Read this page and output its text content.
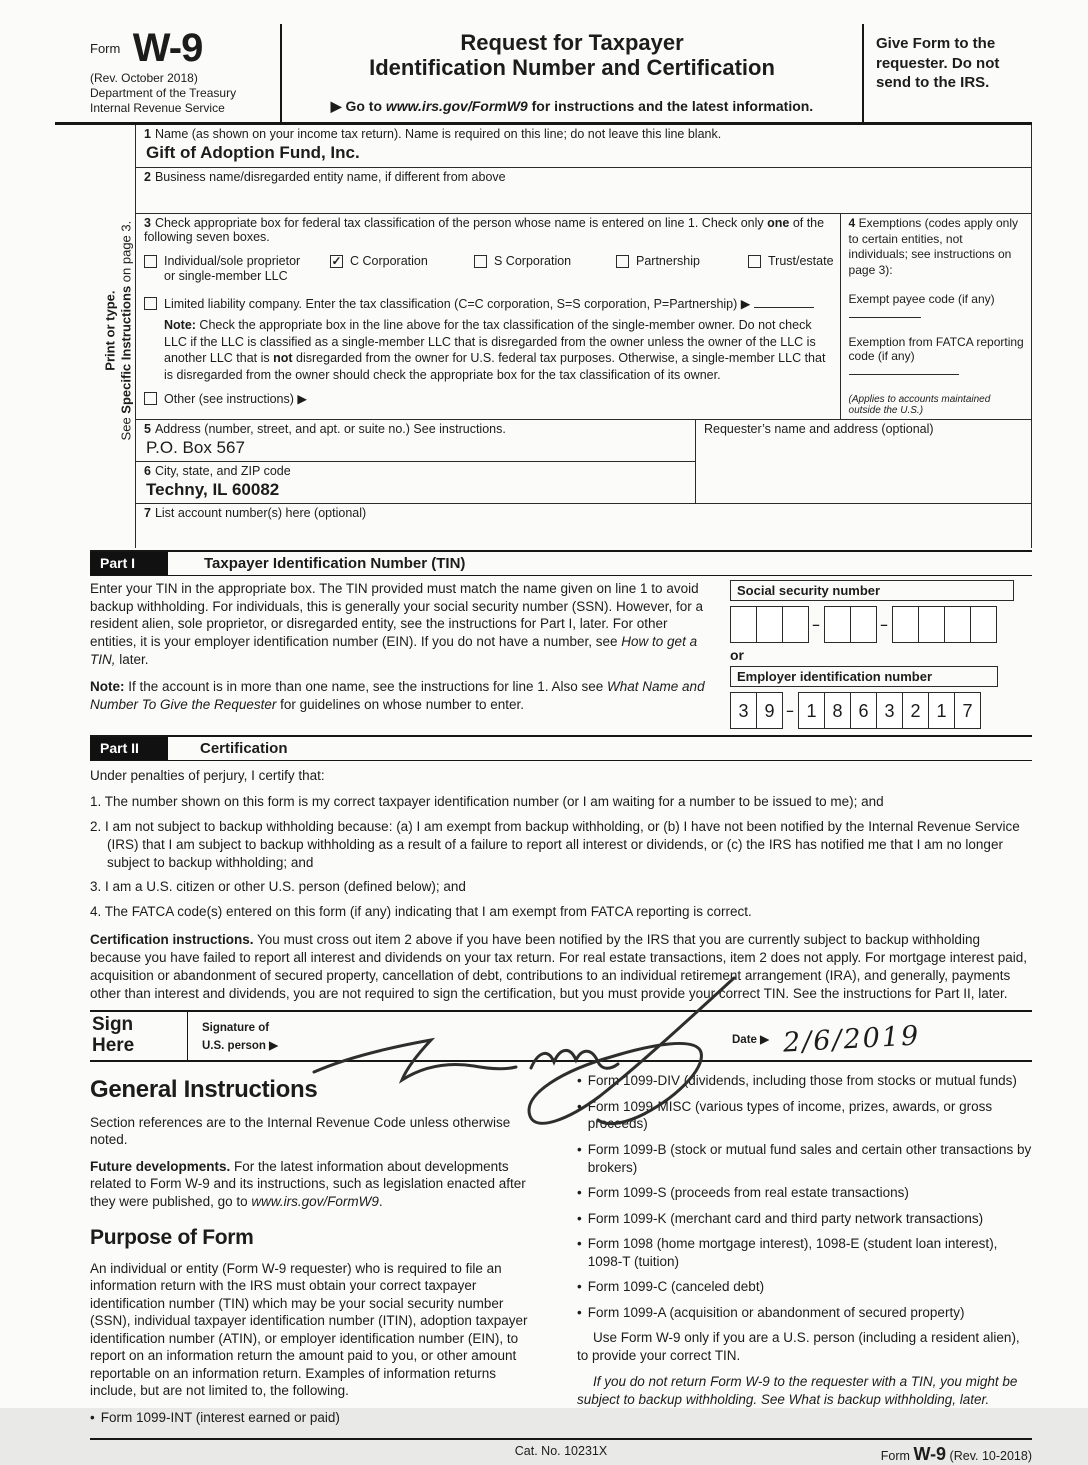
Print or type.
See Specific Instructions on page 3.
Form W-9
(Rev. October 2018)
Department of the Treasury
Internal Revenue Service
Request for Taxpayer
Identification Number and Certification
▶ Go to www.irs.gov/FormW9 for instructions and the latest information.
Give Form to the requester. Do not send to the IRS.
1 Name (as shown on your income tax return). Name is required on this line; do not leave this line blank.
Gift of Adoption Fund, Inc.
2 Business name/disregarded entity name, if different from above
3 Check appropriate box for federal tax classification of the person whose name is entered on line 1. Check only one of the following seven boxes.
Individual/sole proprietor or single-member LLC
✓ C Corporation	S Corporation	Partnership	Trust/estate
Limited liability company. Enter the tax classification (C=C corporation, S=S corporation, P=Partnership) ▶
Note: Check the appropriate box in the line above for the tax classification of the single-member owner. Do not check LLC if the LLC is classified as a single-member LLC that is disregarded from the owner unless the owner of the LLC is another LLC that is not disregarded from the owner for U.S. federal tax purposes. Otherwise, a single-member LLC that is disregarded from the owner should check the appropriate box for the tax classification of its owner.
Other (see instructions) ▶
4 Exemptions (codes apply only to certain entities, not individuals; see instructions on page 3):
Exempt payee code (if any)
Exemption from FATCA reporting code (if any)
(Applies to accounts maintained outside the U.S.)
5 Address (number, street, and apt. or suite no.) See instructions.
P.O. Box 567
6 City, state, and ZIP code
Techny, IL 60082
Requester’s name and address (optional)
7 List account number(s) here (optional)
Part I	Taxpayer Identification Number (TIN)

Enter your TIN in the appropriate box. The TIN provided must match the name given on line 1 to avoid backup withholding. For individuals, this is generally your social security number (SSN). However, for a resident alien, sole proprietor, or disregarded entity, see the instructions for Part I, later. For other entities, it is your employer identification number (EIN). If you do not have a number, see How to get a TIN, later.

Note: If the account is in more than one name, see the instructions for line 1. Also see What Name and Number To Give the Requester for guidelines on whose number to enter.

Social security number
–	–
or
Employer identification number
3 9 – 1 8 6 3 2 1 7
Part II	Certification
Under penalties of perjury, I certify that:
1. The number shown on this form is my correct taxpayer identification number (or I am waiting for a number to be issued to me); and
2. I am not subject to backup withholding because: (a) I am exempt from backup withholding, or (b) I have not been notified by the Internal Revenue Service (IRS) that I am subject to backup withholding as a result of a failure to report all interest or dividends, or (c) the IRS has notified me that I am no longer subject to backup withholding; and
3. I am a U.S. citizen or other U.S. person (defined below); and
4. The FATCA code(s) entered on this form (if any) indicating that I am exempt from FATCA reporting is correct.
Certification instructions. You must cross out item 2 above if you have been notified by the IRS that you are currently subject to backup withholding because you have failed to report all interest and dividends on your tax return. For real estate transactions, item 2 does not apply. For mortgage interest paid, acquisition or abandonment of secured property, cancellation of debt, contributions to an individual retirement arrangement (IRA), and generally, payments other than interest and dividends, you are not required to sign the certification, but you must provide your correct TIN. See the instructions for Part II, later.
Sign
Here
Signature of
U.S. person ▶	Date ▶ 2/6/2019
General Instructions

Section references are to the Internal Revenue Code unless otherwise noted.

Future developments. For the latest information about developments related to Form W-9 and its instructions, such as legislation enacted after they were published, go to www.irs.gov/FormW9.

Purpose of Form

An individual or entity (Form W-9 requester) who is required to file an information return with the IRS must obtain your correct taxpayer identification number (TIN) which may be your social security number (SSN), individual taxpayer identification number (ITIN), adoption taxpayer identification number (ATIN), or employer identification number (EIN), to report on an information return the amount paid to you, or other amount reportable on an information return. Examples of information returns include, but are not limited to, the following.

• Form 1099-INT (interest earned or paid)
• Form 1099-DIV (dividends, including those from stocks or mutual funds)
• Form 1099-MISC (various types of income, prizes, awards, or gross proceeds)
• Form 1099-B (stock or mutual fund sales and certain other transactions by brokers)
• Form 1099-S (proceeds from real estate transactions)
• Form 1099-K (merchant card and third party network transactions)
• Form 1098 (home mortgage interest), 1098-E (student loan interest), 1098-T (tuition)
• Form 1099-C (canceled debt)
• Form 1099-A (acquisition or abandonment of secured property)

Use Form W-9 only if you are a U.S. person (including a resident alien), to provide your correct TIN.

If you do not return Form W-9 to the requester with a TIN, you might be subject to backup withholding. See What is backup withholding, later.

Cat. No. 10231X	Form W-9 (Rev. 10-2018)
